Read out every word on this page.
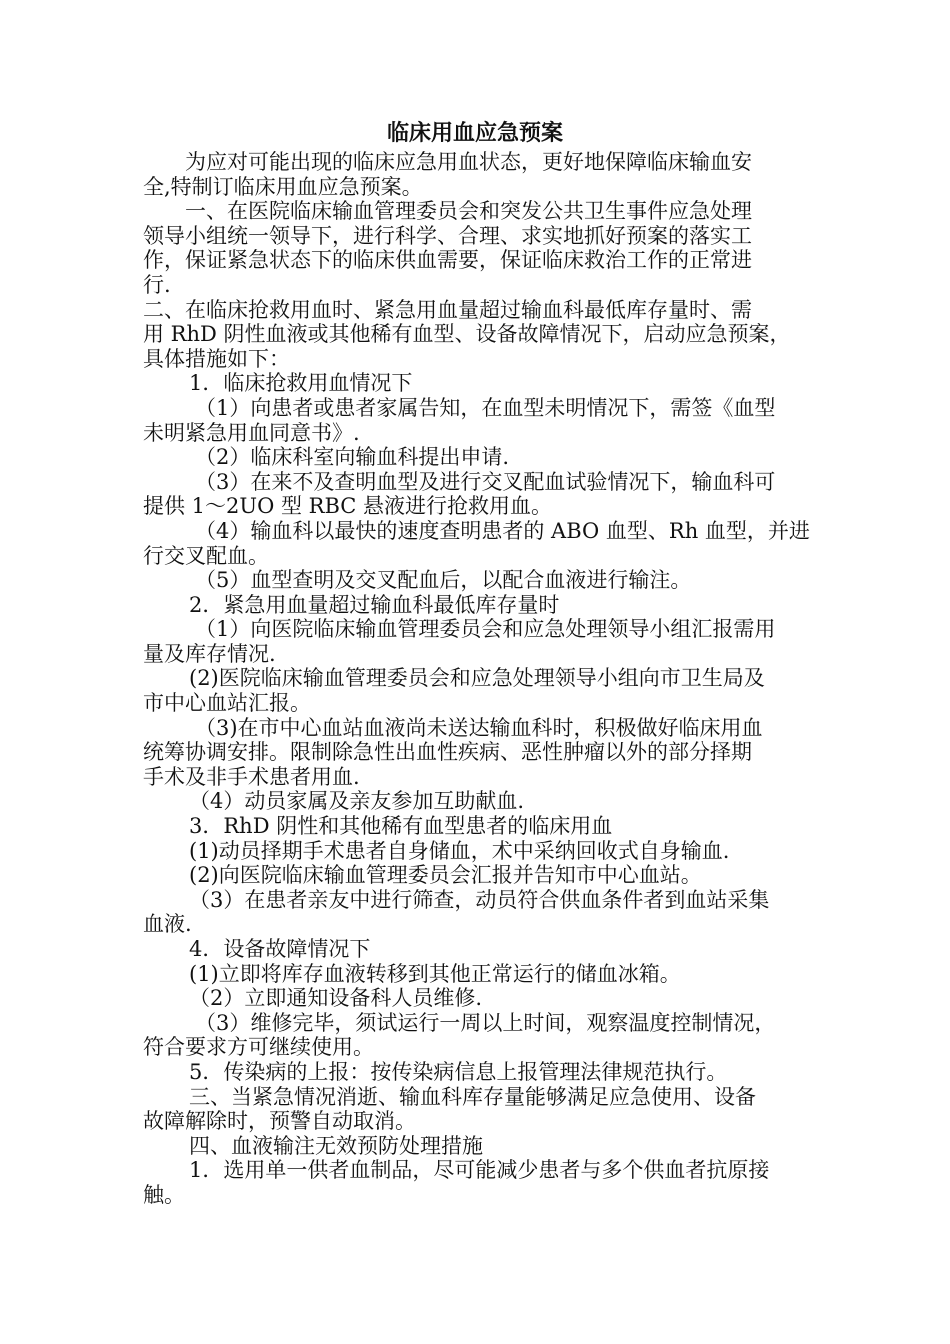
临床用血应急预案
为应对可能出现的临床应急用血状态，更好地保障临床输血安
全,特制订临床用血应急预案。
一、在医院临床输血管理委员会和突发公共卫生事件应急处理
领导小组统一领导下，进行科学、合理、求实地抓好预案的落实工
作，保证紧急状态下的临床供血需要，保证临床救治工作的正常进
行.
二、在临床抢救用血时、紧急用血量超过输血科最低库存量时、需
用 RhD 阴性血液或其他稀有血型、设备故障情况下，启动应急预案，
具体措施如下：
1．临床抢救用血情况下
（1）向患者或患者家属告知，在血型未明情况下，需签《血型
未明紧急用血同意书》.
（2）临床科室向输血科提出申请.
（3）在来不及查明血型及进行交叉配血试验情况下，输血科可
提供 1～2UO 型 RBC 悬液进行抢救用血。
（4）输血科以最快的速度查明患者的 ABO 血型、Rh 血型，并进
行交叉配血。
（5）血型查明及交叉配血后，以配合血液进行输注。
2．紧急用血量超过输血科最低库存量时
（1）向医院临床输血管理委员会和应急处理领导小组汇报需用
量及库存情况.
(2)医院临床输血管理委员会和应急处理领导小组向市卫生局及
市中心血站汇报。
（3)在市中心血站血液尚未送达输血科时，积极做好临床用血
统筹协调安排。限制除急性出血性疾病、恶性肿瘤以外的部分择期
手术及非手术患者用血.
（4）动员家属及亲友参加互助献血.
3．RhD 阴性和其他稀有血型患者的临床用血
(1)动员择期手术患者自身储血，术中采纳回收式自身输血.
(2)向医院临床输血管理委员会汇报并告知市中心血站。
（3）在患者亲友中进行筛查，动员符合供血条件者到血站采集
血液.
4．设备故障情况下
(1)立即将库存血液转移到其他正常运行的储血冰箱。
（2）立即通知设备科人员维修.
（3）维修完毕，须试运行一周以上时间，观察温度控制情况，
符合要求方可继续使用。
5．传染病的上报：按传染病信息上报管理法律规范执行。
三、当紧急情况消逝、输血科库存量能够满足应急使用、设备
故障解除时，预警自动取消。
四、血液输注无效预防处理措施
1．选用单一供者血制品，尽可能减少患者与多个供血者抗原接
触。
